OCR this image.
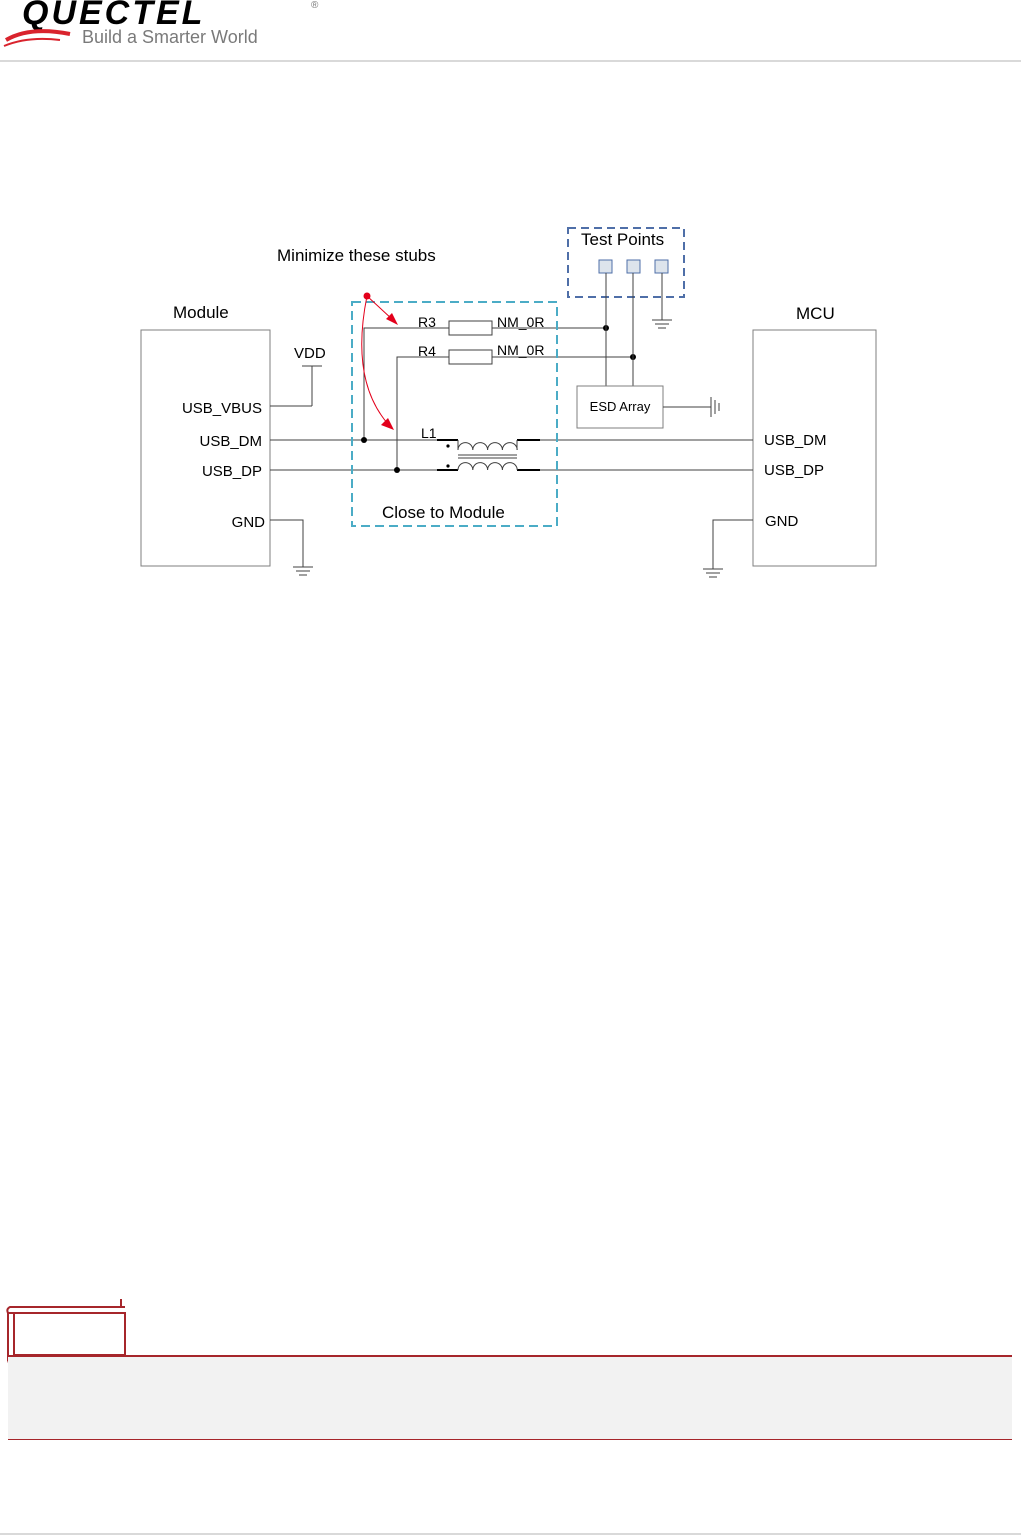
QUECTEL	®
Build a Smarter World
Module
USB_VBUS
USB_DM
USB_DP
GND
VDD
MCU
USB_DM
USB_DP
GND
R3	NM_0R
R4	NM_0R
Test Points
ESD Array
L1
Close to Module
Minimize these stubs
